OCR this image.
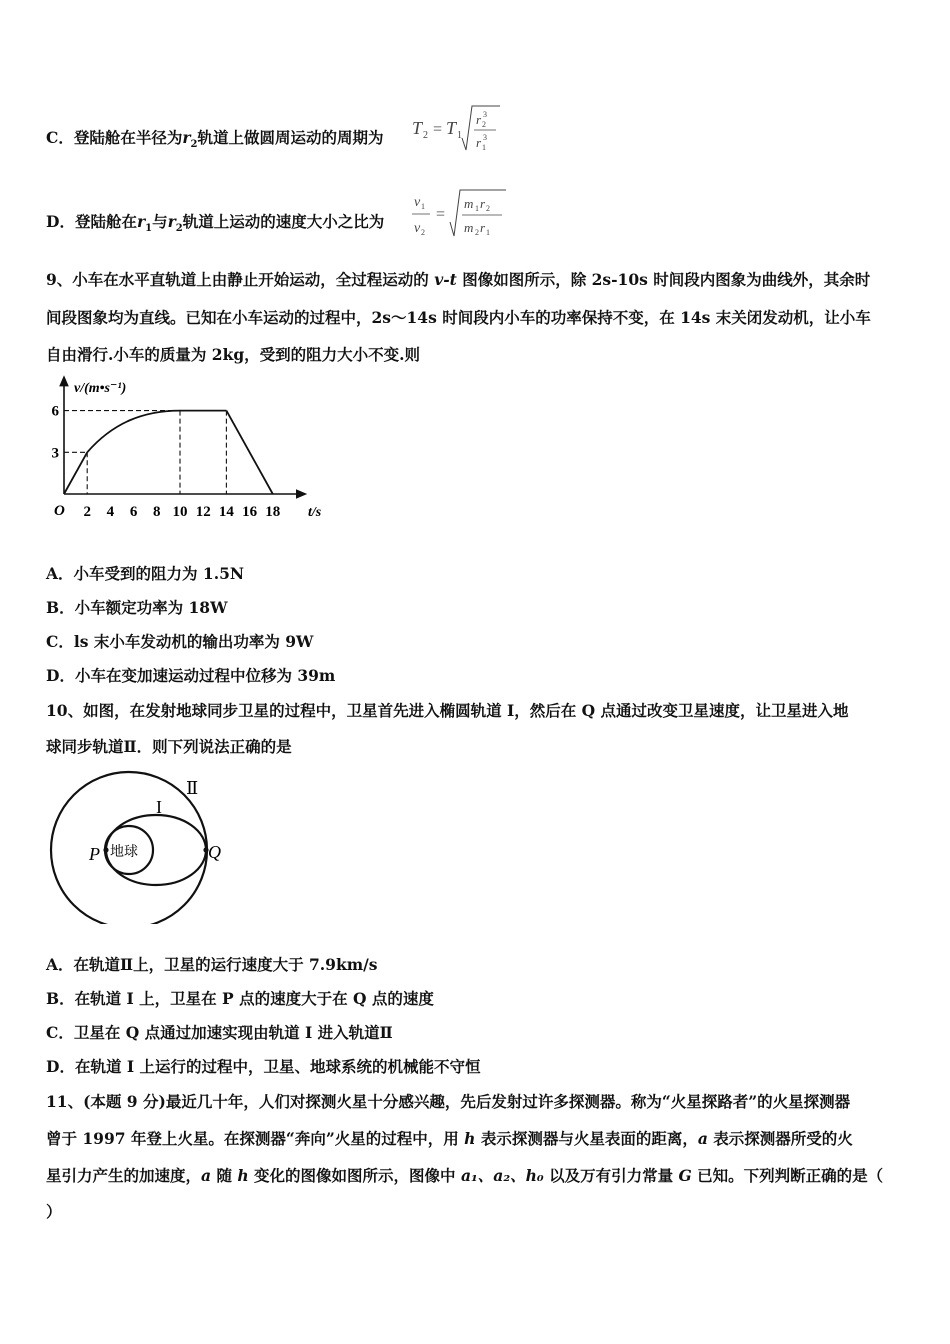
C．登陆舱在半径为$r_2$轨道上做圆周运动的周期为 T 2 = T 1
r 2
3
r 1
3
T₂ = T₁√(r₂³ / r₁³)
D．登陆舱在$r_1$与$r_2$轨道上运动的速度大小之比为
v 1
v 2
=
m 1 r 2
m 2 r 1
v₁ / v₂ = √(m₁r₂ / m₂r₁)
9、小车在水平直轨道上由静止开始运动，全过程运动的 v-t 图像如图所示，除 2s-10s 时间段内图象为曲线外，其余时
间段图象均为直线。已知在小车运动的过程中，2s～14s 时间段内小车的功率保持不变，在 14s 末关闭发动机，让小车
自由滑行.小车的质量为 2kg，受到的阻力大小不变.则
2 4 6 8 10 12 14 16 18
3
6
v/(m•s⁻¹)
t/s
O
A．小车受到的阻力为 1.5N
B．小车额定功率为 18W
C．ls 末小车发动机的输出功率为 9W
D．小车在变加速运动过程中位移为 39m
10、如图，在发射地球同步卫星的过程中，卫星首先进入椭圆轨道 I，然后在 Q 点通过改变卫星速度，让卫星进入地
球同步轨道Ⅱ．则下列说法正确的是
地球
P	Q
I
Ⅱ
A．在轨道Ⅱ上，卫星的运行速度大于 7.9km/s
B．在轨道 I 上，卫星在 P 点的速度大于在 Q 点的速度
C．卫星在 Q 点通过加速实现由轨道 I 进入轨道Ⅱ
D．在轨道 I 上运行的过程中，卫星、地球系统的机械能不守恒
11、(本题 9 分)最近几十年，人们对探测火星十分感兴趣，先后发射过许多探测器。称为“火星探路者”的火星探测器
曾于 1997 年登上火星。在探测器“奔向”火星的过程中，用 h 表示探测器与火星表面的距离，a 表示探测器所受的火
星引力产生的加速度，a 随 h 变化的图像如图所示，图像中 a₁、a₂、h₀ 以及万有引力常量 G 已知。下列判断正确的是（
）
